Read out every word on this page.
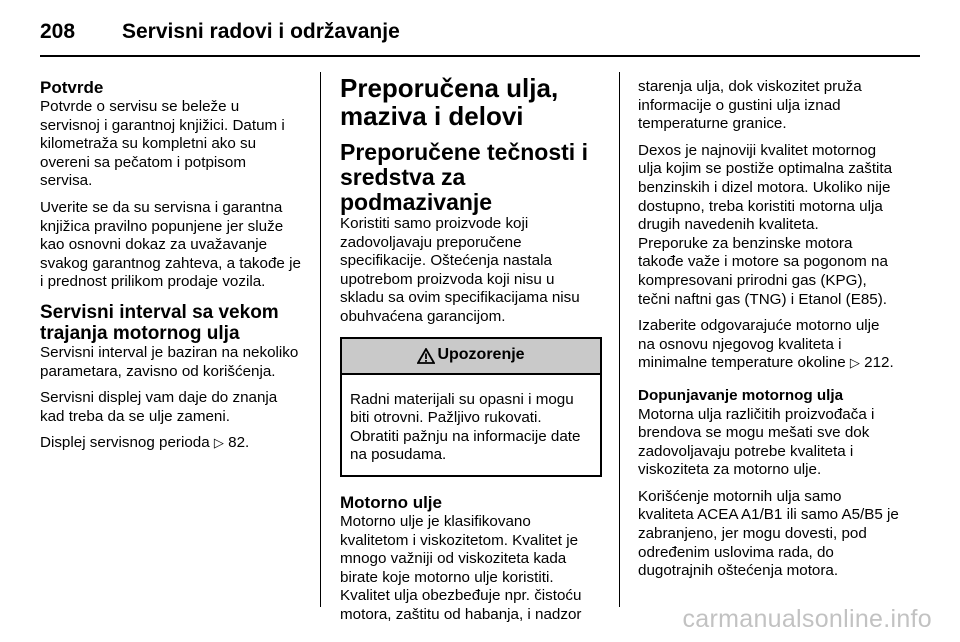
208	Servisni radovi i održavanje
Potvrde

Potvrde o servisu se beleže u servisnoj i garantnoj knjižici. Datum i kilometraža su kompletni ako su overeni sa pečatom i potpisom servisa.

Uverite se da su servisna i garantna knjižica pravilno popunjene jer služe kao osnovni dokaz za uvažavanje svakog garantnog zahteva, a takođe je i prednost prilikom prodaje vozila.

Servisni interval sa vekom trajanja motornog ulja

Servisni interval je baziran na nekoliko parametara, zavisno od korišćenja.

Servisni displej vam daje do znanja kad treba da se ulje zameni.

Displej servisnog perioda ▷ 82.

Preporučena ulja, maziva i delovi
Preporučene tečnosti i sredstva za podmazivanje

Koristiti samo proizvode koji zadovoljavaju preporučene specifikacije. Oštećenja nastala upotrebom proizvoda koji nisu u skladu sa ovim specifikacijama nisu obuhvaćena garancijom.

Upozorenje
Radni materijali su opasni i mogu biti otrovni. Pažljivo rukovati. Obratiti pažnju na informacije date na posudama.
Motorno ulje

Motorno ulje je klasifikovano kvalitetom i viskozitetom. Kvalitet je mnogo važniji od viskoziteta kada birate koje motorno ulje koristiti. Kvalitet ulja obezbeđuje npr. čistoću motora, zaštitu od habanja, i nadzor

starenja ulja, dok viskozitet pruža informacije o gustini ulja iznad temperaturne granice.

Dexos je najnoviji kvalitet motornog ulja kojim se postiže optimalna zaštita benzinskih i dizel motora. Ukoliko nije dostupno, treba koristiti motorna ulja drugih navedenih kvaliteta.

Preporuke za benzinske motora takođe važe i motore sa pogonom na kompresovani prirodni gas (KPG), tečni naftni gas (TNG) i Etanol (E85).

Izaberite odgovarajuće motorno ulje na osnovu njegovog kvaliteta i minimalne temperature okoline ▷ 212.

Dopunjavanje motornog ulja

Motorna ulja različitih proizvođača i brendova se mogu mešati sve dok zadovoljavaju potrebe kvaliteta i viskoziteta za motorno ulje.

Korišćenje motornih ulja samo kvaliteta ACEA A1/B1 ili samo A5/B5 je zabranjeno, jer mogu dovesti, pod određenim uslovima rada, do dugotrajnih oštećenja motora.

carmanualsonline.info
